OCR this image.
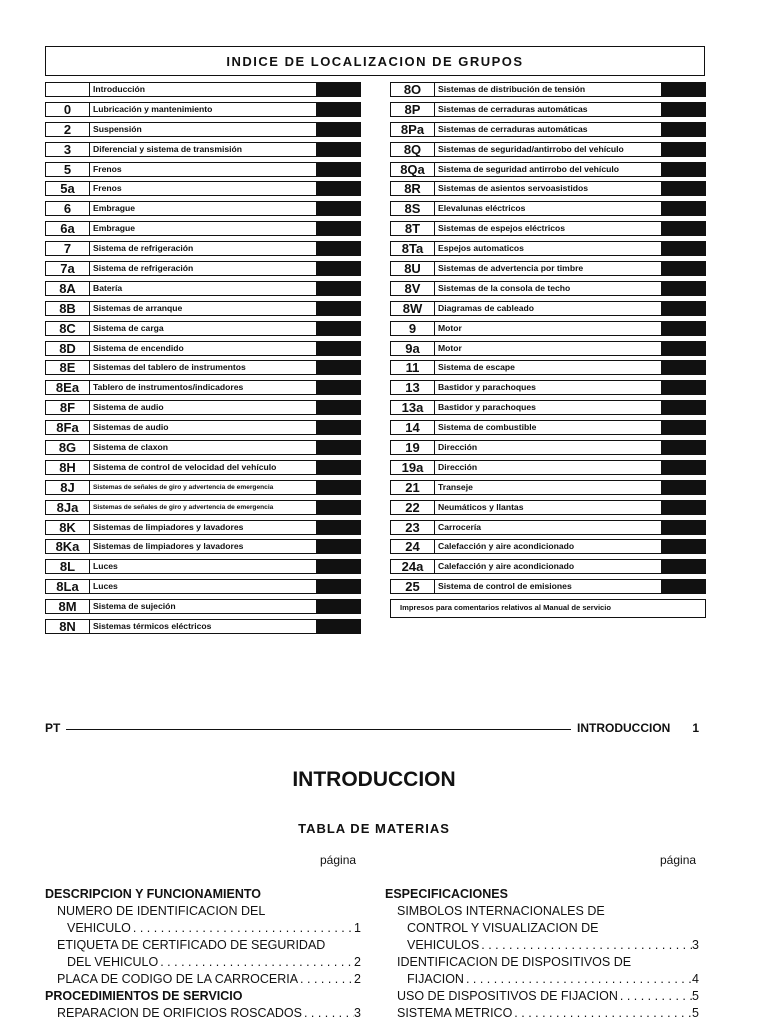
INDICE DE LOCALIZACION DE GRUPOS
Introducción
0	Lubricación y mantenimiento
2	Suspensión
3	Diferencial y sistema de transmisión
5	Frenos
5a	Frenos
6	Embrague
6a	Embrague
7	Sistema de refrigeración
7a	Sistema de refrigeración
8A	Batería
8B	Sistemas de arranque
8C	Sistema de carga
8D	Sistema de encendido
8E	Sistemas del tablero de instrumentos
8Ea	Tablero de instrumentos/indicadores
8F	Sistema de audio
8Fa	Sistemas de audio
8G	Sistema de claxon
8H	Sistema de control de velocidad del vehículo
8J	Sistemas de señales de giro y advertencia de emergencia
8Ja	Sistemas de señales de giro y advertencia de emergencia
8K	Sistemas de limpiadores y lavadores
8Ka	Sistemas de limpiadores y lavadores
8L	Luces
8La	Luces
8M	Sistema de sujeción
8N	Sistemas térmicos eléctricos
8O	Sistemas de distribución de tensión
8P	Sistemas de cerraduras automáticas
8Pa	Sistemas de cerraduras automáticas
8Q	Sistemas de seguridad/antirrobo del vehículo
8Qa	Sistema de seguridad antirrobo del vehículo
8R	Sistemas de asientos servoasistidos
8S	Elevalunas eléctricos
8T	Sistemas de espejos eléctricos
8Ta	Espejos automaticos
8U	Sistemas de advertencia por timbre
8V	Sistemas de la consola de techo
8W	Diagramas de cableado
9	Motor
9a	Motor
11	Sistema de escape
13	Bastidor y parachoques
13a	Bastidor y parachoques
14	Sistema de combustible
19	Dirección
19a	Dirección
21	Transeje
22	Neumáticos y llantas
23	Carrocería
24	Calefacción y aire acondicionado
24a	Calefacción y aire acondicionado
25	Sistema de control de emisiones
Impresos para comentarios relativos al Manual de servicio
PT	INTRODUCCION 1
INTRODUCCION
TABLA DE MATERIAS
página	página
DESCRIPCION Y FUNCIONAMIENTO
NUMERO DE IDENTIFICACION DEL
VEHICULO . . .	1
ETIQUETA DE CERTIFICADO DE SEGURIDAD
DEL VEHICULO . . .	2
PLACA DE CODIGO DE LA CARROCERIA . . .	2
PROCEDIMIENTOS DE SERVICIO
REPARACION DE ORIFICIOS ROSCADOS . . .	3
ESPECIFICACIONES
SIMBOLOS INTERNACIONALES DE
CONTROL Y VISUALIZACION DE
VEHICULOS . . .	3
IDENTIFICACION DE DISPOSITIVOS DE
FIJACION . . .	4
USO DE DISPOSITIVOS DE FIJACION . . .	5
SISTEMA METRICO . . .	5
